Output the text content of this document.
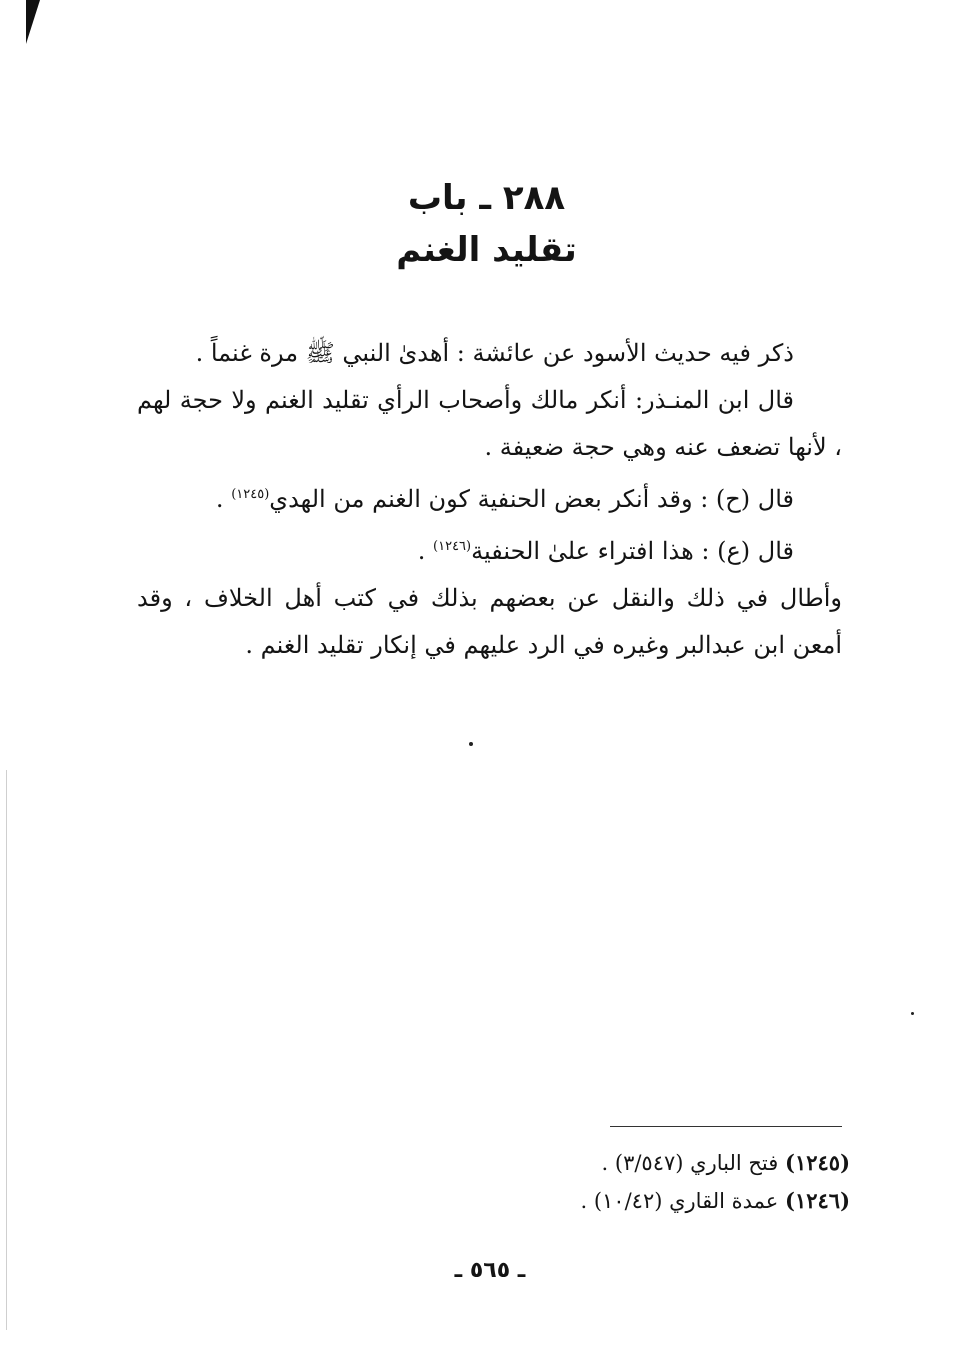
٢٨٨ ـ باب
تقليد الغنم

ذكر فيه حديث الأسود عن عائشة : أهدىٰ النبي ﷺ مرة غنماً .

قال ابن المنـذر: أنكر مالك وأصحاب الرأي تقليد الغنم ولا حجة لهم ، لأنها تضعف عنه وهي حجة ضعيفة .

قال (ح) : وقد أنكر بعض الحنفية كون الغنم من الهدي$^{(١٢٤٥)}$ .

قال (ع) : هذا افتراء علىٰ الحنفية$^{(١٢٤٦)}$ .

وأطال في ذلك والنقل عن بعضهم بذلك في كتب أهل الخلاف ، وقد أمعن ابن عبدالبر وغيره في الرد عليهم في إنكار تقليد الغنم .

(١٢٤٥) فتح الباري (٣/٥٤٧) .

(١٢٤٦) عمدة القاري (١٠/٤٢) .

ـ ٥٦٥ ـ
